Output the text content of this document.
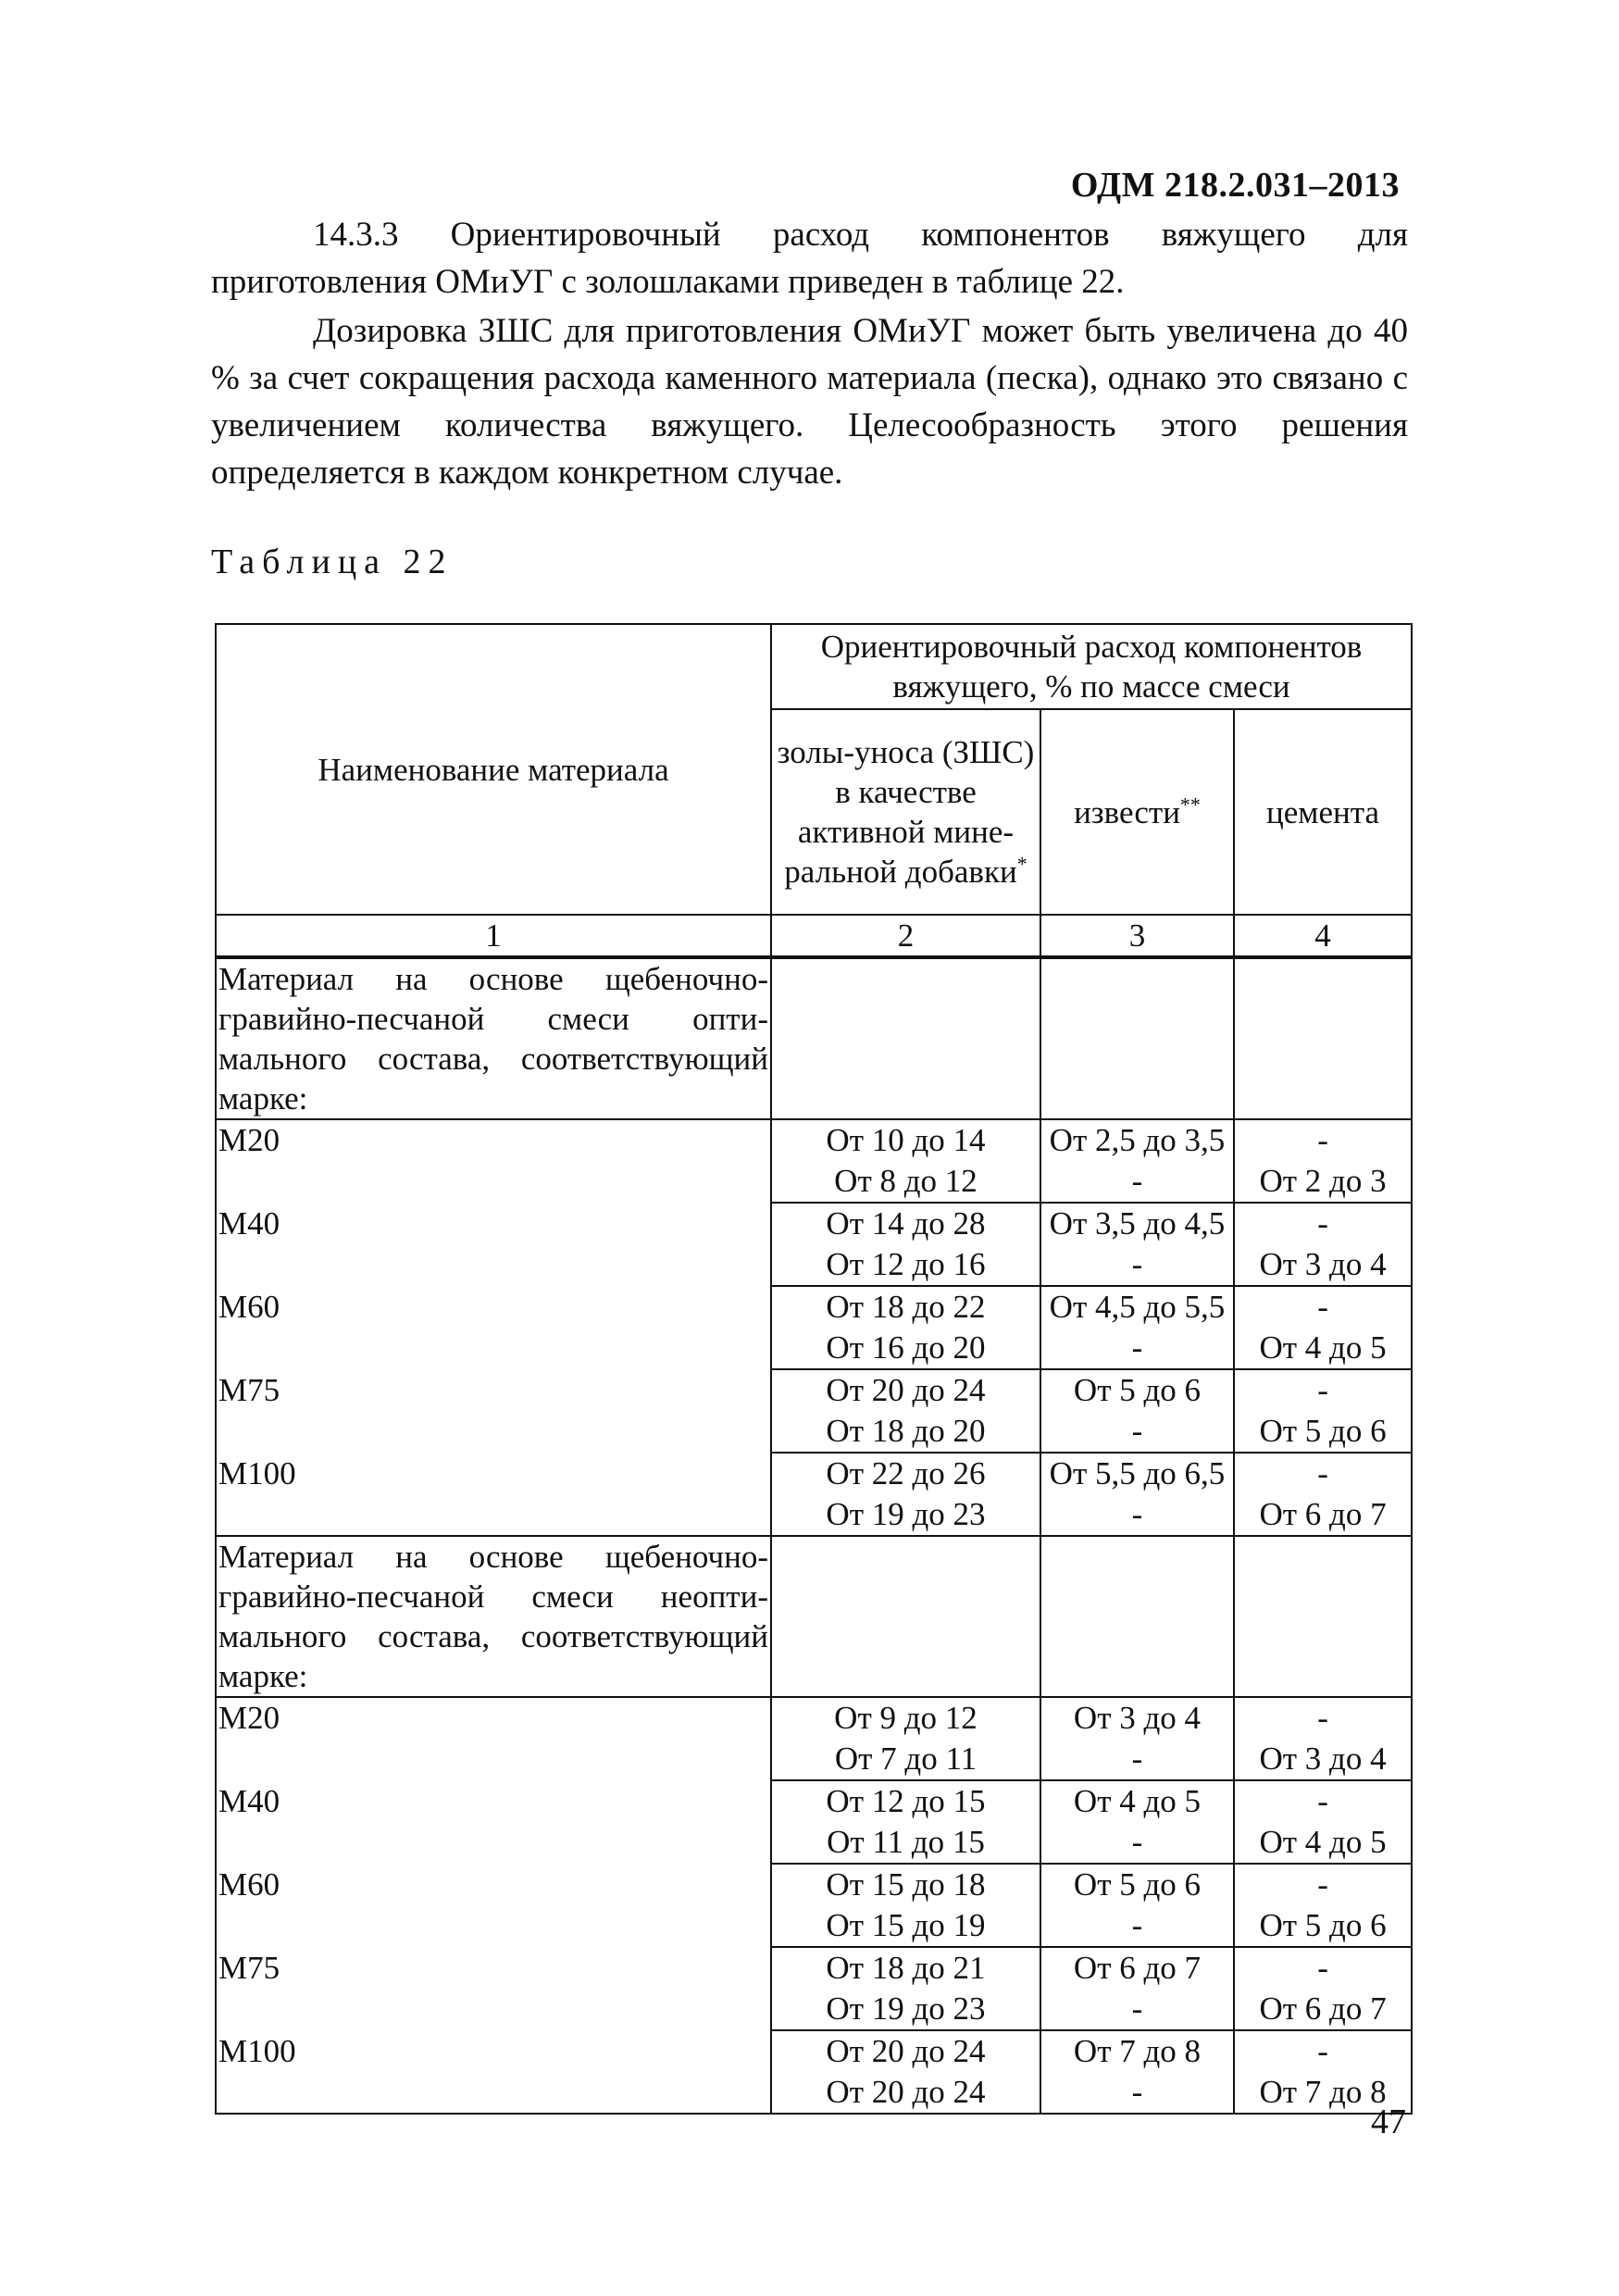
ОДМ 218.2.031–2013

14.3.3 Ориентировочный расход компонентов вяжущего для приготовления ОМиУГ с золошлаками приведен в таблице 22.

Дозировка ЗШС для приготовления ОМиУГ может быть увеличена до 40 % за счет сокращения расхода каменного материала (песка), однако это связано с увеличением количества вяжущего. Целесообразность этого решения определяется в каждом конкретном случае.

Таблица 22
Наименование материала	Ориентировочный расход компонентов вяжущего, % по массе смеси		
	золы-уноса (ЗШС) в качестве активной мине-ральной добавки*	извести**	цемента
1	2	3	4
Материал на основе щебеночно-гравийно-песчаной смеси опти-мального состава, соответствующий марке:			
М20	От 10 до 14	От 2,5 до 3,5	-
	От 8 до 12	-	От 2 до 3
М40	От 14 до 28	От 3,5 до 4,5	-
	От 12 до 16	-	От 3 до 4
М60	От 18 до 22	От 4,5 до 5,5	-
	От 16 до 20	-	От 4 до 5
М75	От 20 до 24	От 5 до 6	-
	От 18 до 20	-	От 5 до 6
М100	От 22 до 26	От 5,5 до 6,5	-
	От 19 до 23	-	От 6 до 7
Материал на основе щебеночно-гравийно-песчаной смеси неопти-мального состава, соответствующий марке:			
М20	От 9 до 12	От 3 до 4	-
	От 7 до 11	-	От 3 до 4
М40	От 12 до 15	От 4 до 5	-
	От 11 до 15	-	От 4 до 5
М60	От 15 до 18	От 5 до 6	-
	От 15 до 19	-	От 5 до 6
М75	От 18 до 21	От 6 до 7	-
	От 19 до 23	-	От 6 до 7
М100	От 20 до 24	От 7 до 8	-
	От 20 до 24	-	От 7 до 8
47
